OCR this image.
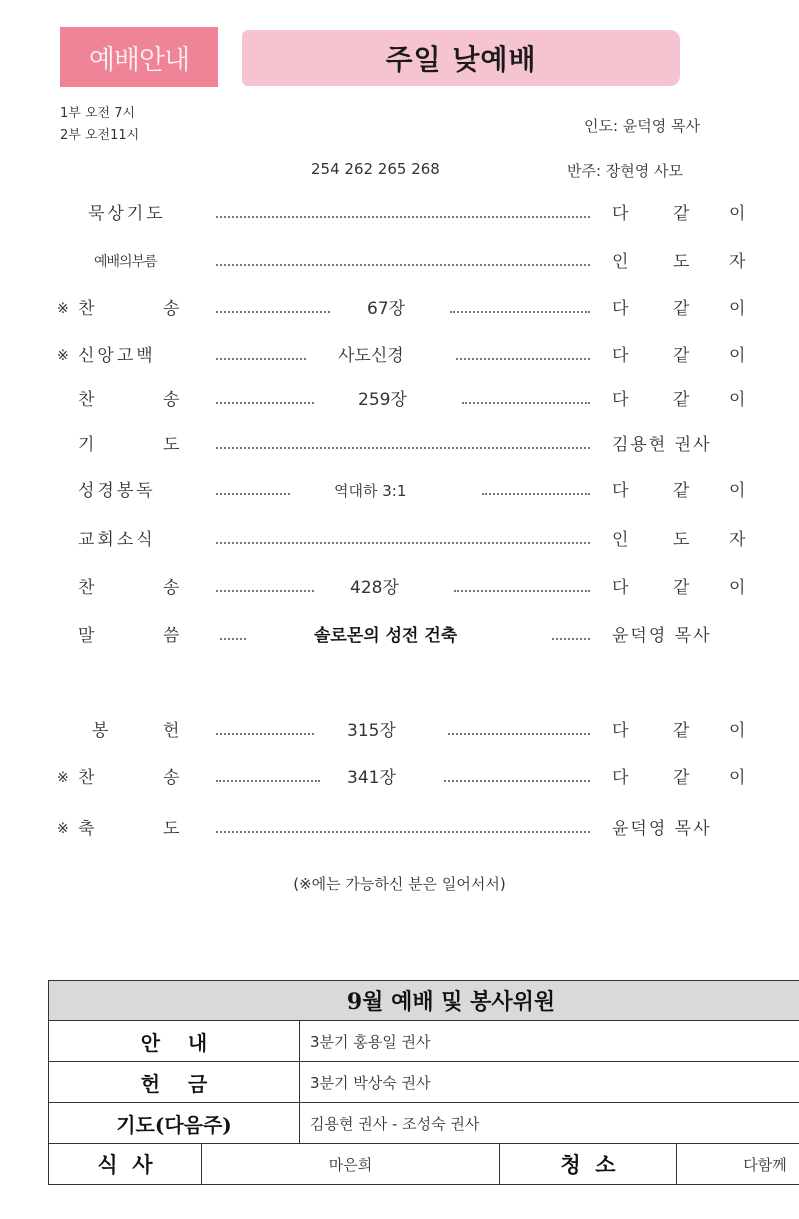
예배안내	주일 낮예배
1부 오전 7시
2부 오전11시
인도: 윤덕영 목사
254 262 265 268	반주: 장현영 사모
묵상기도	다	같 이
예배의부름	인	도 자
※ 찬	송	67장	다	같 이
※ 신앙고백	사도신경	다	같 이
찬	송	259장	다	같 이
기	도	김용현 권사
성경봉독	역대하 3:1	다	같 이
교회소식	인	도 자
찬	송	428장	다	같 이
말	씀	솔로몬의 성전 건축	윤덕영 목사
봉	헌	315장	다	같 이
※ 찬	송	341장	다	같 이
※ 축	도	윤덕영 목사
(※에는 가능하신 분은 일어서서)
9월 예배 및 봉사위원				
안    내		3분기 홍용일 권사		
헌    금		3분기 박상숙 권사		
기도(다음주)		김용현 권사 - 조성숙 권사		
식  사	마은희		청  소	다함께
